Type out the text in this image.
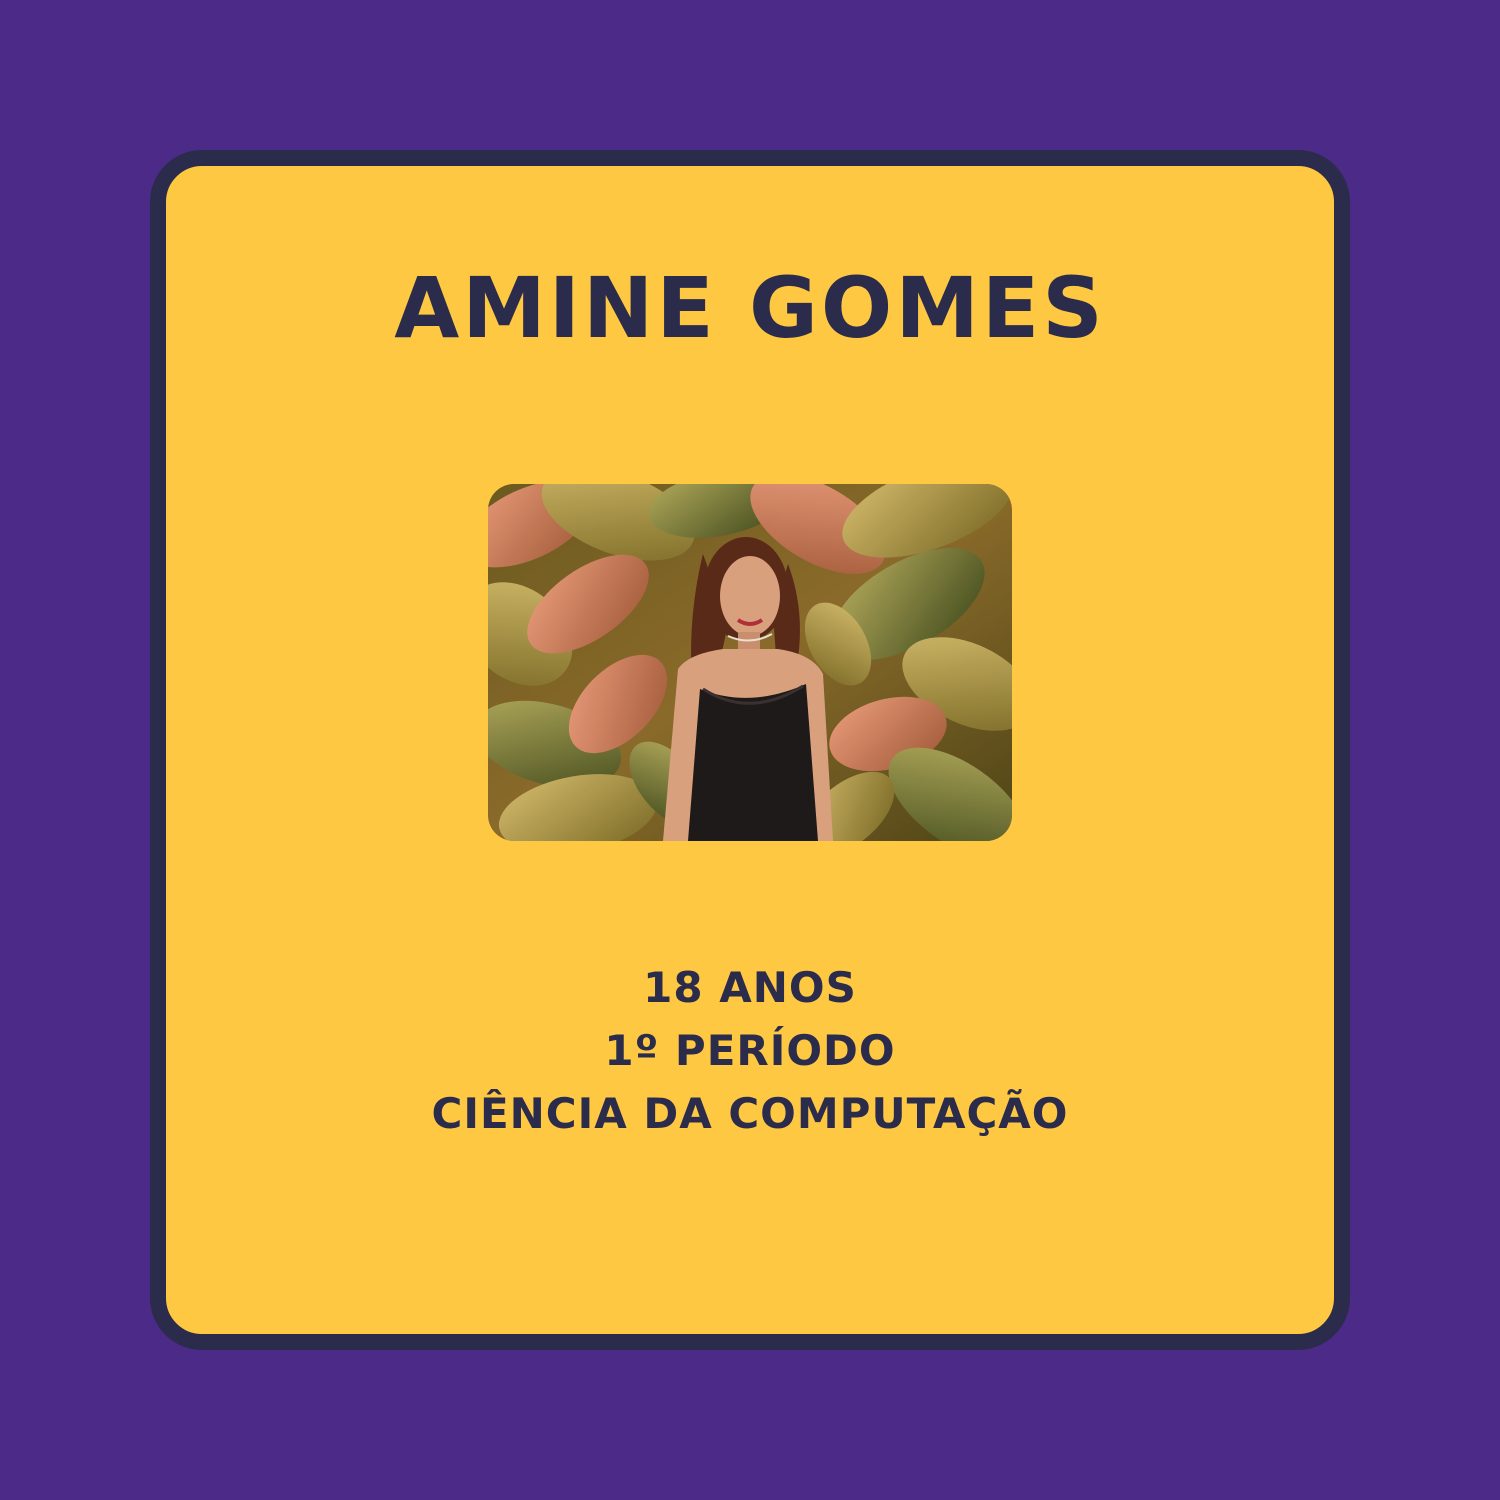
AMINE GOMES
18 ANOS
1º PERÍODO
CIÊNCIA DA COMPUTAÇÃO
